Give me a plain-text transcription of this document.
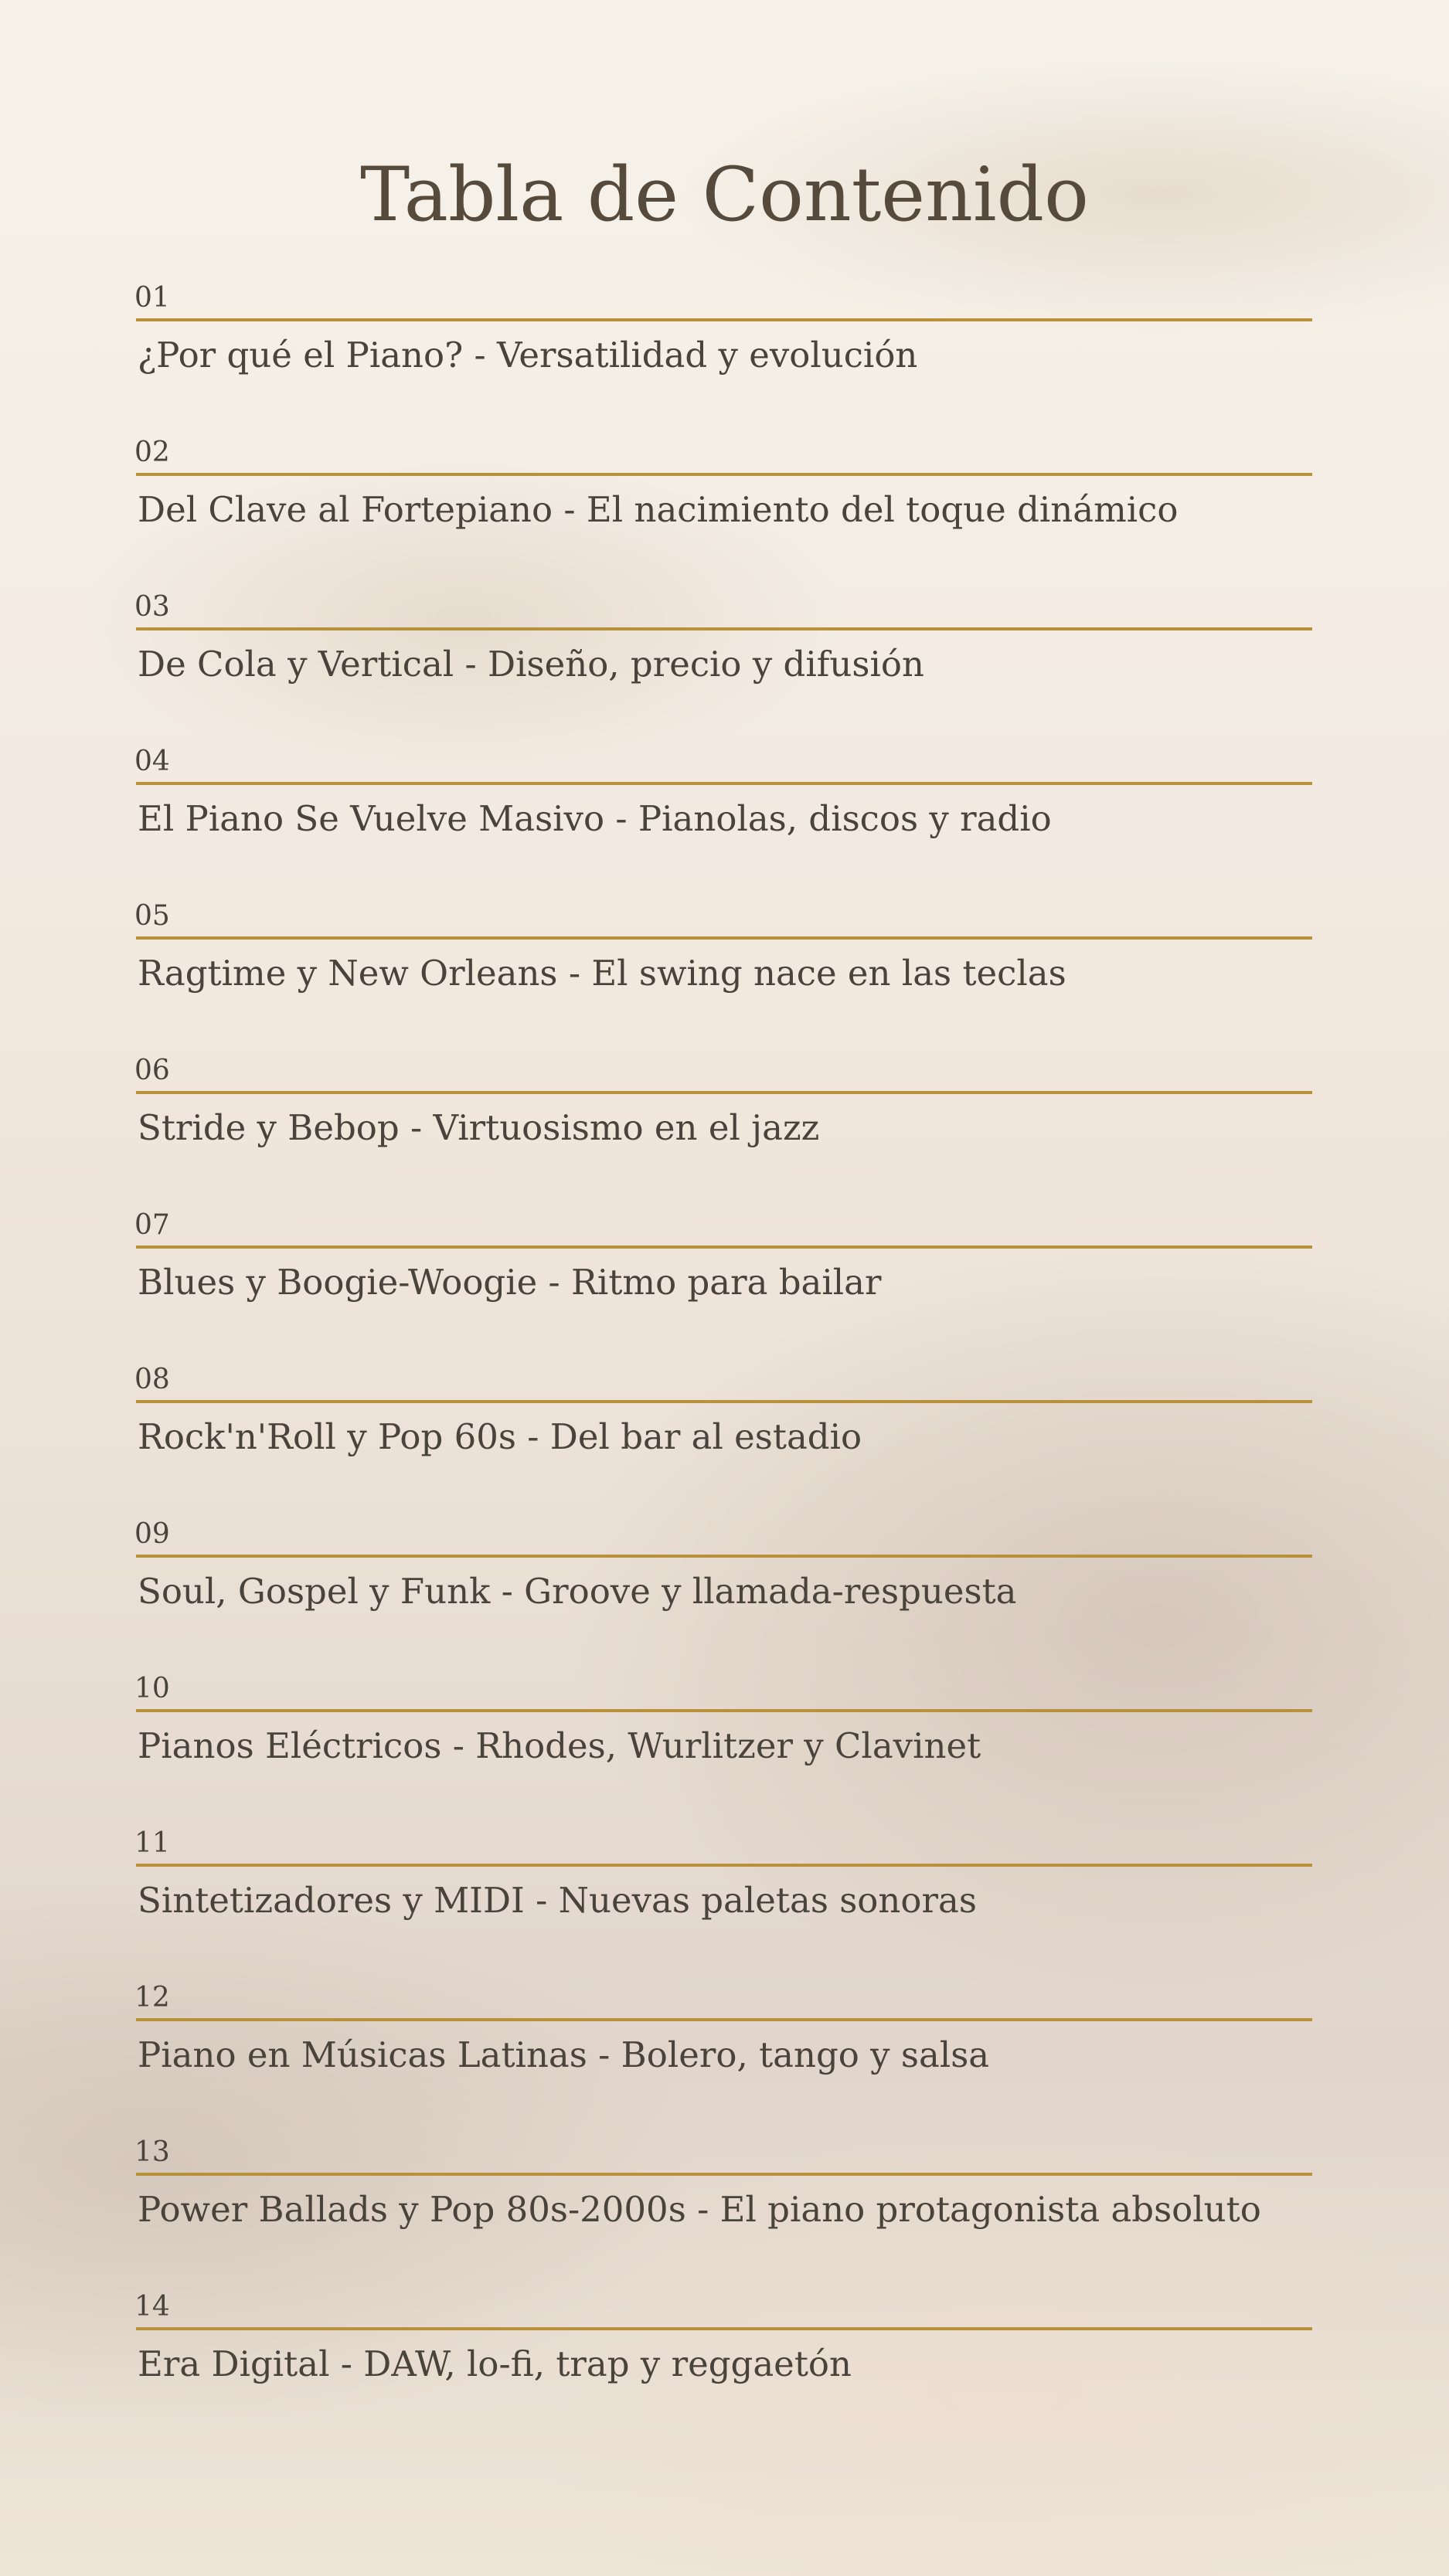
Tabla de Contenido
01
¿Por qué el Piano? - Versatilidad y evolución
02
Del Clave al Fortepiano - El nacimiento del toque dinámico
03
De Cola y Vertical - Diseño, precio y difusión
04
El Piano Se Vuelve Masivo - Pianolas, discos y radio
05
Ragtime y New Orleans - El swing nace en las teclas
06
Stride y Bebop - Virtuosismo en el jazz
07
Blues y Boogie-Woogie - Ritmo para bailar
08
Rock'n'Roll y Pop 60s - Del bar al estadio
09
Soul, Gospel y Funk - Groove y llamada-respuesta
10
Pianos Eléctricos - Rhodes, Wurlitzer y Clavinet
11
Sintetizadores y MIDI - Nuevas paletas sonoras
12
Piano en Músicas Latinas - Bolero, tango y salsa
13
Power Ballads y Pop 80s-2000s - El piano protagonista absoluto
14
Era Digital - DAW, lo-fi, trap y reggaetón
